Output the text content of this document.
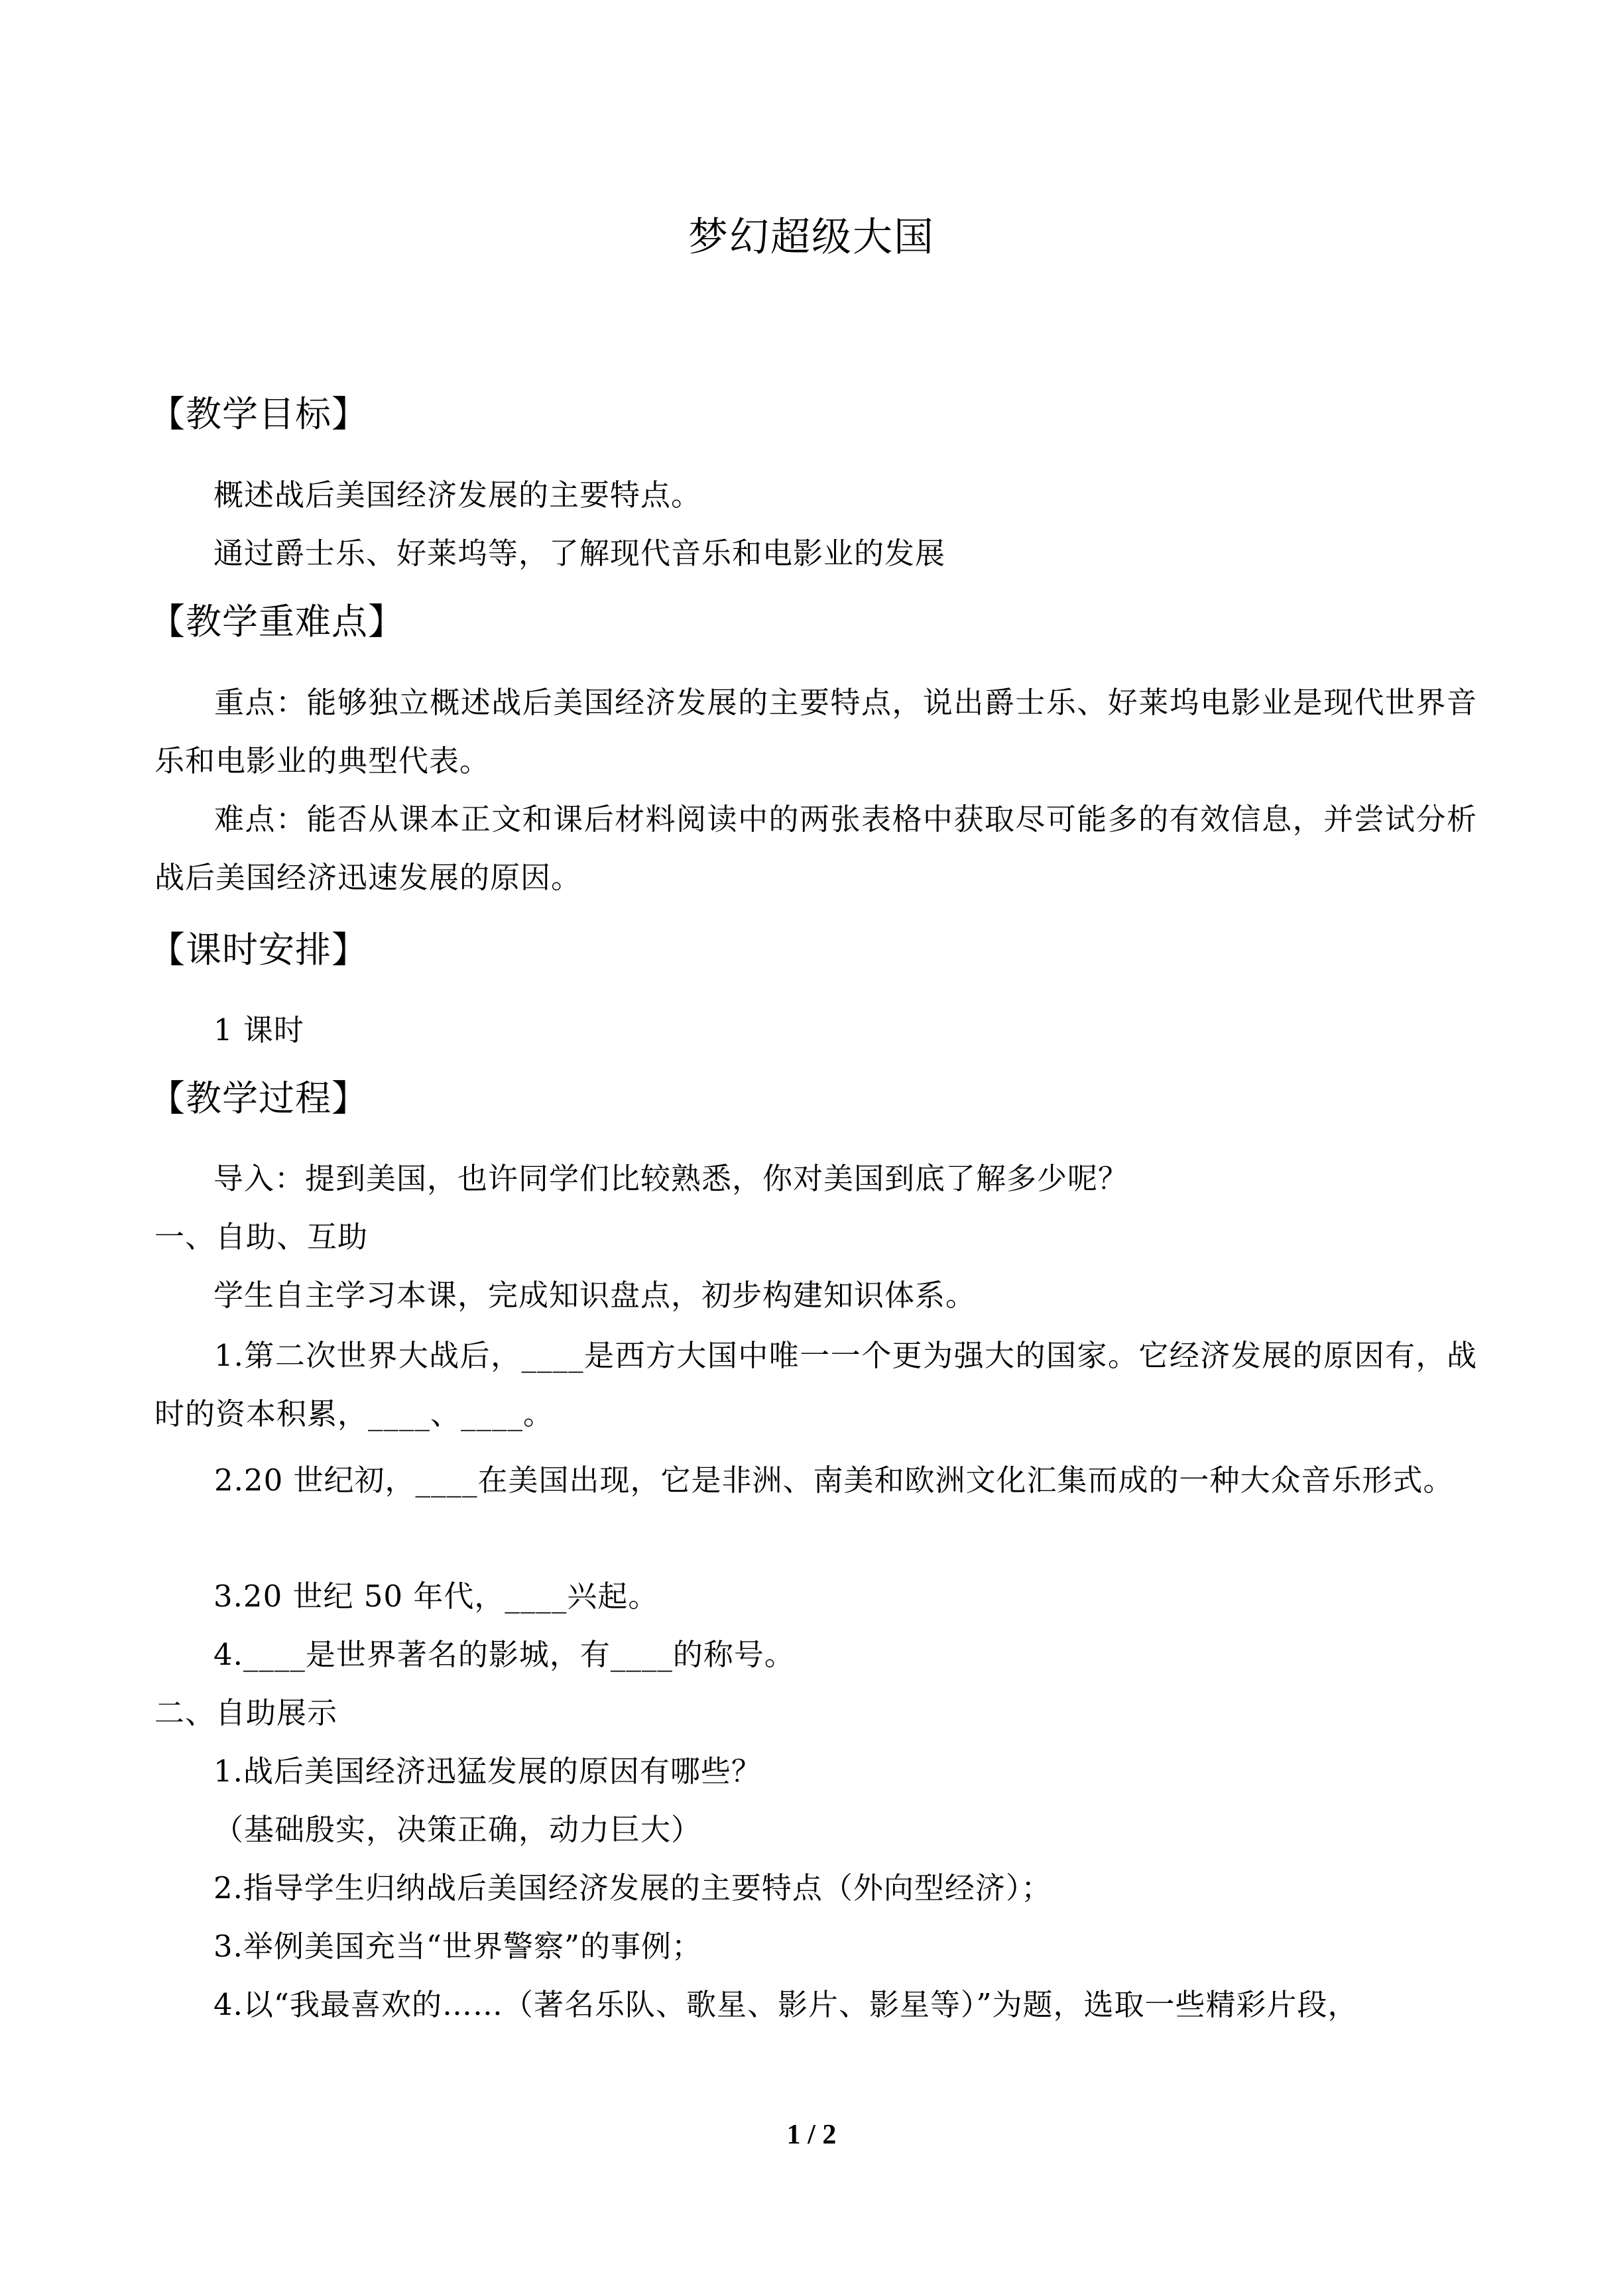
梦幻超级大国
【教学目标】
概述战后美国经济发展的主要特点。
通过爵士乐、好莱坞等，了解现代音乐和电影业的发展
【教学重难点】

重点：能够独立概述战后美国经济发展的主要特点，说出爵士乐、好莱坞电影业是现代世界音乐和电影业的典型代表。

难点：能否从课本正文和课后材料阅读中的两张表格中获取尽可能多的有效信息，并尝试分析战后美国经济迅速发展的原因。

【课时安排】
1 课时
【教学过程】
导入：提到美国，也许同学们比较熟悉，你对美国到底了解多少呢？
一、自助、互助
学生自主学习本课，完成知识盘点，初步构建知识体系。

1.第二次世界大战后，____是西方大国中唯一一个更为强大的国家。它经济发展的原因有，战时的资本积累，____、____。

2.20 世纪初，____在美国出现，它是非洲、南美和欧洲文化汇集而成的一种大众音乐形式。

3.20 世纪 50 年代，____兴起。
4.____是世界著名的影城，有____的称号。
二、自助展示
1.战后美国经济迅猛发展的原因有哪些？
（基础殷实，决策正确，动力巨大）
2.指导学生归纳战后美国经济发展的主要特点（外向型经济）；
3.举例美国充当“世界警察”的事例；
4.以“我最喜欢的……（著名乐队、歌星、影片、影星等）”为题，选取一些精彩片段，
1 / 2
